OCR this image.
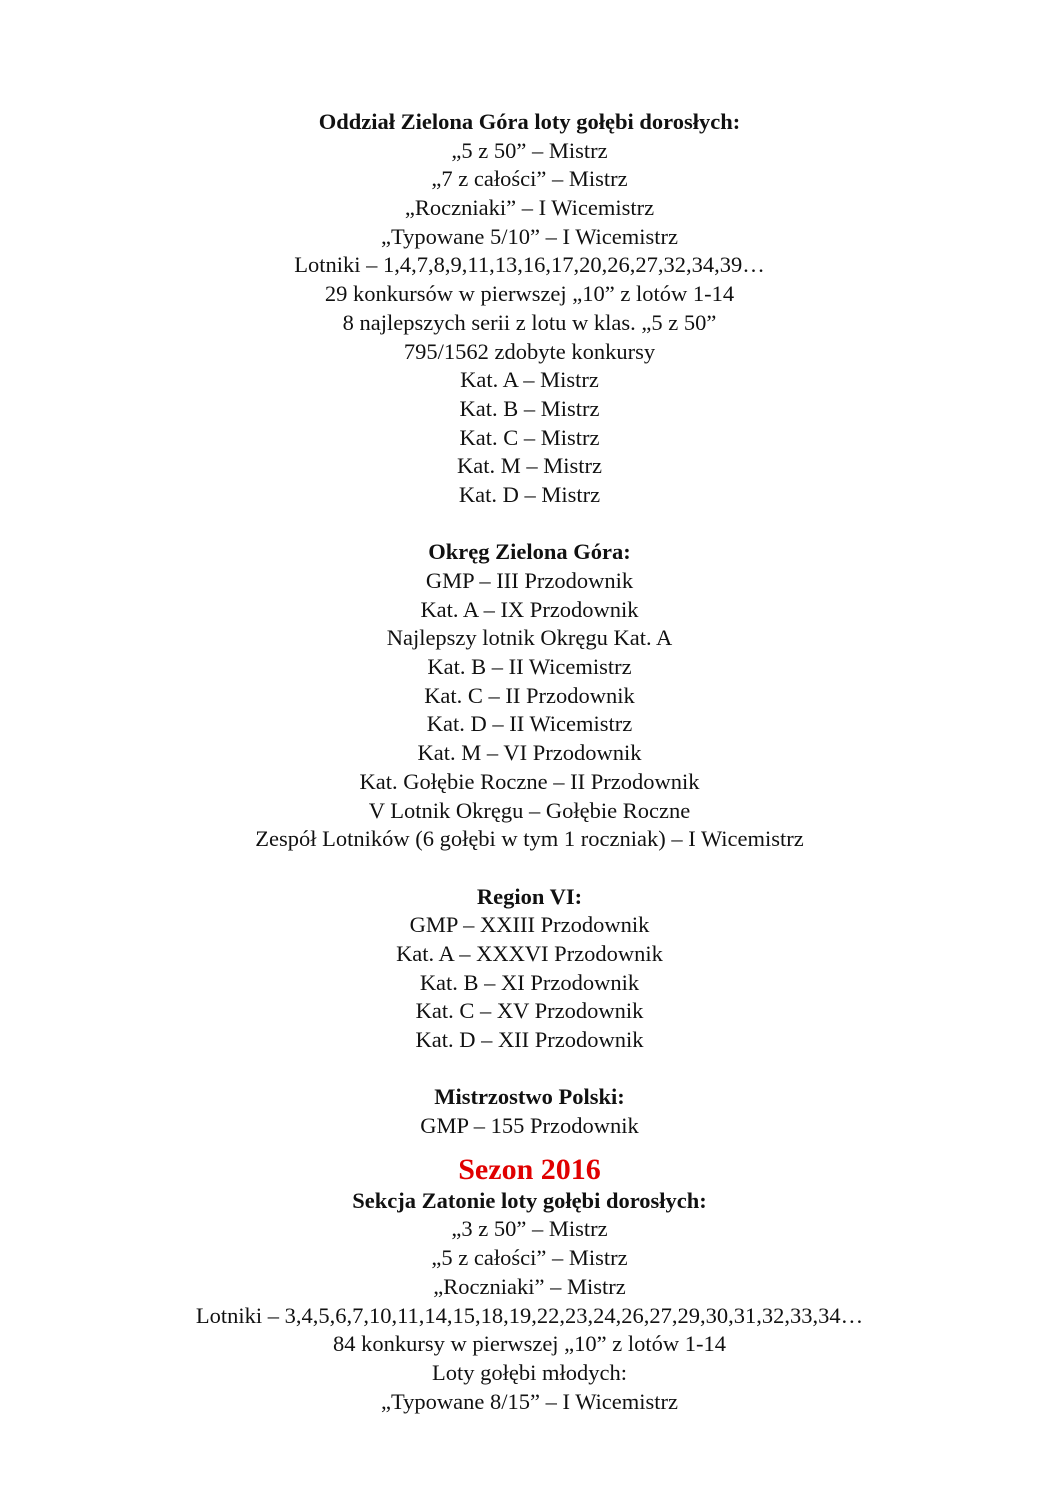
Oddział Zielona Góra loty gołębi dorosłych:
„5 z 50” – Mistrz
„7 z całości” – Mistrz
„Roczniaki” – I Wicemistrz
„Typowane 5/10” – I Wicemistrz
Lotniki – 1,4,7,8,9,11,13,16,17,20,26,27,32,34,39…
29 konkursów w pierwszej „10” z lotów 1-14
8 najlepszych serii z lotu w klas. „5 z 50”
795/1562 zdobyte konkursy
Kat. A – Mistrz
Kat. B – Mistrz
Kat. C – Mistrz
Kat. M – Mistrz
Kat. D – Mistrz
Okręg Zielona Góra:
GMP – III Przodownik
Kat. A – IX Przodownik
Najlepszy lotnik Okręgu Kat. A
Kat. B – II Wicemistrz
Kat. C – II Przodownik
Kat. D – II Wicemistrz
Kat. M – VI Przodownik
Kat. Gołębie Roczne – II Przodownik
V Lotnik Okręgu – Gołębie Roczne
Zespół Lotników (6 gołębi w tym 1 roczniak) – I Wicemistrz
Region VI:
GMP – XXIII Przodownik
Kat. A – XXXVI Przodownik
Kat. B – XI Przodownik
Kat. C – XV Przodownik
Kat. D – XII Przodownik
Mistrzostwo Polski:
GMP – 155 Przodownik
Sezon 2016
Sekcja Zatonie loty gołębi dorosłych:
„3 z 50” – Mistrz
„5 z całości” – Mistrz
„Roczniaki” – Mistrz
Lotniki – 3,4,5,6,7,10,11,14,15,18,19,22,23,24,26,27,29,30,31,32,33,34…
84 konkursy w pierwszej „10” z lotów 1-14
Loty gołębi młodych:
„Typowane 8/15” – I Wicemistrz
